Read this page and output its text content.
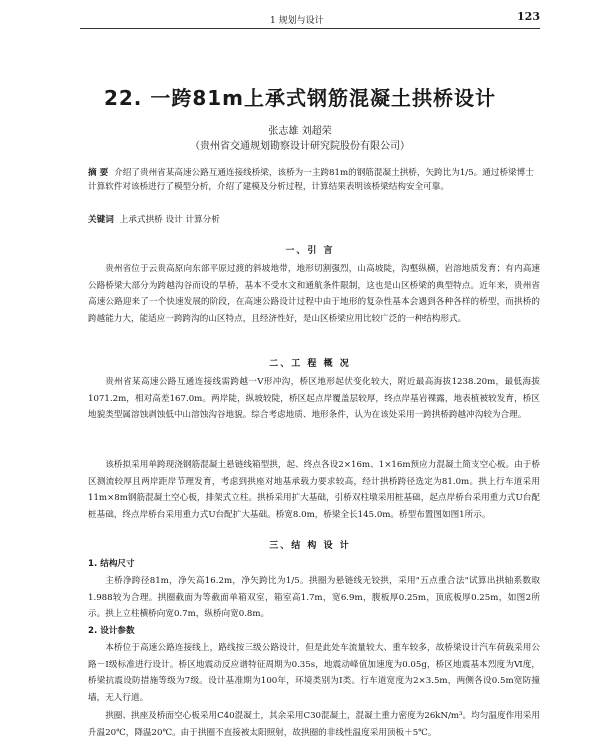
1 规划与设计	123
22. 一跨81m上承式钢筋混凝土拱桥设计
张志雄 刘超荣
（贵州省交通规划勘察设计研究院股份有限公司）
摘 要 介绍了贵州省某高速公路互通连接线桥梁，该桥为一主跨81m的钢筋混凝土拱桥，矢跨比为1/5。通过桥梁博士计算软件对该桥进行了模型分析，介绍了建模及分析过程，计算结果表明该桥梁结构安全可靠。
关键词 上承式拱桥 设计 计算分析
一、引 言
贵州省位于云贵高原向东部平原过渡的斜坡地带，地形切割强烈，山高坡陡，沟壑纵横，岩溶地质发育；有内高速公路桥梁大部分为跨越沟谷而设的旱桥，基本不受水文和通航条件限制，这也是山区桥梁的典型特点。近年来，贵州省高速公路迎来了一个快速发展的阶段，在高速公路设计过程中由于地形的复杂性基本会遇到各种各样的桥型，而拱桥的跨越能力大，能适应一跨跨沟的山区特点，且经济性好，是山区桥梁应用比较广泛的一种结构形式。
二、工 程 概 况
贵州省某高速公路互通连接线需跨越一V形冲沟，桥区地形起伏变化较大，附近最高海拔1238.20m，最低海拔1071.2m，相对高差167.0m。两岸陡，纵坡较陡，桥区起点岸覆盖层较厚，终点岸基岩裸露，地表植被较发育，桥区地貌类型属溶蚀剥蚀低中山溶蚀沟谷地貌。综合考虑地质、地形条件，认为在该处采用一跨拱桥跨越冲沟较为合理。
该桥拟采用单跨现浇钢筋混凝土悬链线箱型拱，起、终点各设2×16m、1×16m预应力混凝土简支空心板。由于桥区测流较厚且两岸距岸节理发育，考虑到拱座对地基承载力要求较高，经计拱桥跨径选定为81.0m。拱上行车道采用11m×8m钢筋混凝土空心板，排架式立柱。拱桥采用扩大基础，引桥双柱墩采用桩基础，起点岸桥台采用重力式U台配桩基础，终点岸桥台采用重力式U台配扩大基础。桥宽8.0m，桥梁全长145.0m。桥型布置图如图1所示。
三、结 构 设 计
1. 结构尺寸
主桥净跨径81m，净矢高16.2m，净矢跨比为1/5。拱圈为悬链线无铰拱，采用"五点重合法"试算出拱轴系数取1.988较为合理。拱圈截面为等截面单箱双室，箱室高1.7m，宽6.9m，腹板厚0.25m，顶底板厚0.25m，如图2所示。拱上立柱横桥向宽0.7m，纵桥向宽0.8m。
2. 设计参数
本桥位于高速公路连接线上，路线按三级公路设计，但是此处车流量较大、重车较多，故桥梁设计汽车荷载采用公路－Ⅰ级标准进行设计。桥区地震动反应谱特征周期为0.35s，地震动峰值加速度为0.05g，桥区地震基本烈度为Ⅵ度，桥梁抗震设防措施等级为7级。设计基准期为100年，环境类别为Ⅰ类。行车道宽度为2×3.5m，两侧各设0.5m宽防撞墙，无人行道。
拱圈、拱座及桥面空心板采用C40混凝土，其余采用C30混凝土，混凝土重力密度为26kN/m³。均匀温度作用采用升温20℃，降温20℃。由于拱圈不直接被太阳照射，故拱圈的非线性温度采用顶板＋5℃。
